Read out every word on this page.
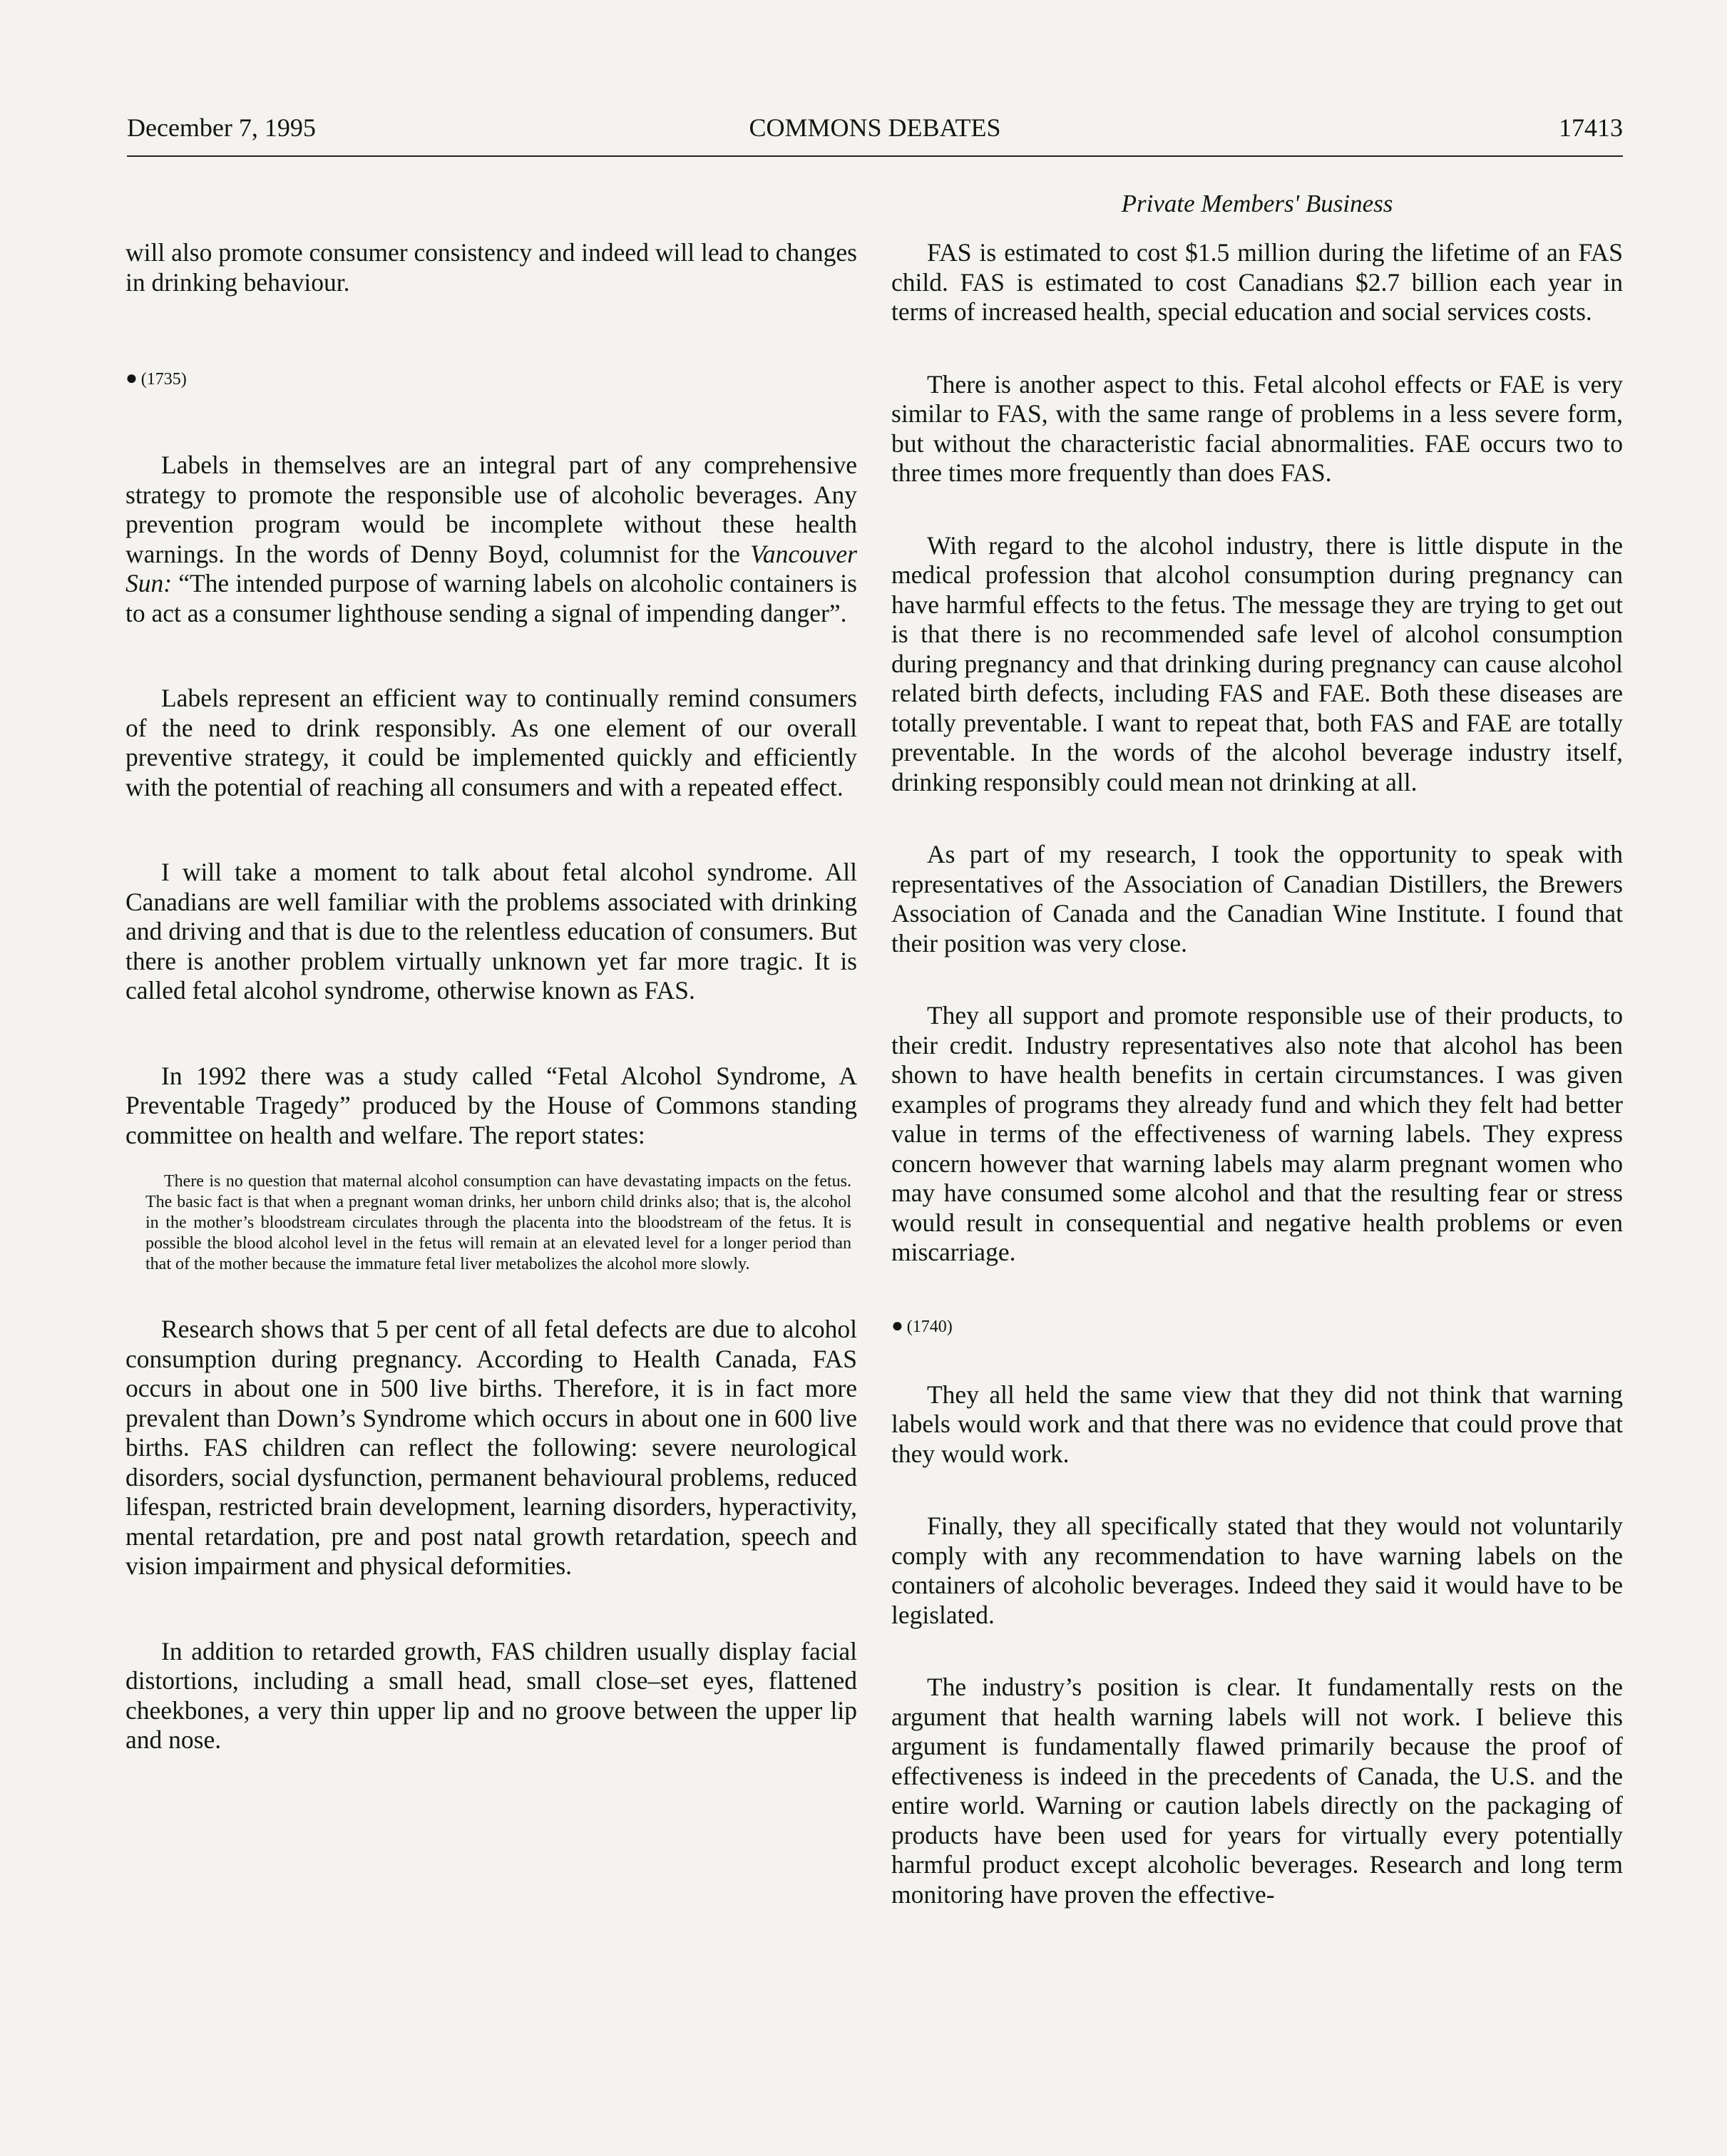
December 7, 1995	COMMONS DEBATES	17413
Private Members' Business

will also promote consumer consistency and indeed will lead to changes in drinking behaviour.

●  (1735)

Labels in themselves are an integral part of any comprehensive strategy to promote the responsible use of alcoholic beverages. Any prevention program would be incomplete without these health warnings. In the words of Denny Boyd, columnist for the Vancouver Sun: “The intended purpose of warning labels on alcoholic containers is to act as a consumer lighthouse sending a signal of impending danger”.

Labels represent an efficient way to continually remind consumers of the need to drink responsibly. As one element of our overall preventive strategy, it could be implemented quickly and efficiently with the potential of reaching all consumers and with a repeated effect.

I will take a moment to talk about fetal alcohol syndrome. All Canadians are well familiar with the problems associated with drinking and driving and that is due to the relentless education of consumers. But there is another problem virtually unknown yet far more tragic. It is called fetal alcohol syndrome, otherwise known as FAS.

In 1992 there was a study called “Fetal Alcohol Syndrome, A Preventable Tragedy” produced by the House of Commons standing committee on health and welfare. The report states:

There is no question that maternal alcohol consumption can have devastating impacts on the fetus. The basic fact is that when a pregnant woman drinks, her unborn child drinks also; that is, the alcohol in the mother’s bloodstream circulates through the placenta into the bloodstream of the fetus. It is possible the blood alcohol level in the fetus will remain at an elevated level for a longer period than that of the mother because the immature fetal liver metabolizes the alcohol more slowly.

Research shows that 5 per cent of all fetal defects are due to alcohol consumption during pregnancy. According to Health Canada, FAS occurs in about one in 500 live births. Therefore, it is in fact more prevalent than Down’s Syndrome which occurs in about one in 600 live births. FAS children can reflect the following: severe neurological disorders, social dysfunction, permanent behavioural problems, reduced lifespan, restricted brain development, learning disorders, hyperactivity, mental retardation, pre and post natal growth retardation, speech and vision impairment and physical deformities.

In addition to retarded growth, FAS children usually display facial distortions, including a small head, small close–set eyes, flattened cheekbones, a very thin upper lip and no groove between the upper lip and nose.

FAS is estimated to cost $1.5 million during the lifetime of an FAS child. FAS is estimated to cost Canadians $2.7 billion each year in terms of increased health, special education and social services costs.

There is another aspect to this. Fetal alcohol effects or FAE is very similar to FAS, with the same range of problems in a less severe form, but without the characteristic facial abnormalities. FAE occurs two to three times more frequently than does FAS.

With regard to the alcohol industry, there is little dispute in the medical profession that alcohol consumption during pregnancy can have harmful effects to the fetus. The message they are trying to get out is that there is no recommended safe level of alcohol consumption during pregnancy and that drinking during pregnancy can cause alcohol related birth defects, including FAS and FAE. Both these diseases are totally preventable. I want to repeat that, both FAS and FAE are totally preventable. In the words of the alcohol beverage industry itself, drinking responsibly could mean not drinking at all.

As part of my research, I took the opportunity to speak with representatives of the Association of Canadian Distillers, the Brewers Association of Canada and the Canadian Wine Institute. I found that their position was very close.

They all support and promote responsible use of their products, to their credit. Industry representatives also note that alcohol has been shown to have health benefits in certain circumstances. I was given examples of programs they already fund and which they felt had better value in terms of the effectiveness of warning labels. They express concern however that warning labels may alarm pregnant women who may have consumed some alcohol and that the resulting fear or stress would result in consequential and negative health problems or even miscarriage.

●  (1740)

They all held the same view that they did not think that warning labels would work and that there was no evidence that could prove that they would work.

Finally, they all specifically stated that they would not voluntarily comply with any recommendation to have warning labels on the containers of alcoholic beverages. Indeed they said it would have to be legislated.

The industry’s position is clear. It fundamentally rests on the argument that health warning labels will not work. I believe this argument is fundamentally flawed primarily because the proof of effectiveness is indeed in the precedents of Canada, the U.S. and the entire world. Warning or caution labels directly on the packaging of products have been used for years for virtually every potentially harmful product except alcoholic beverages. Research and long term monitoring have proven the effective-
